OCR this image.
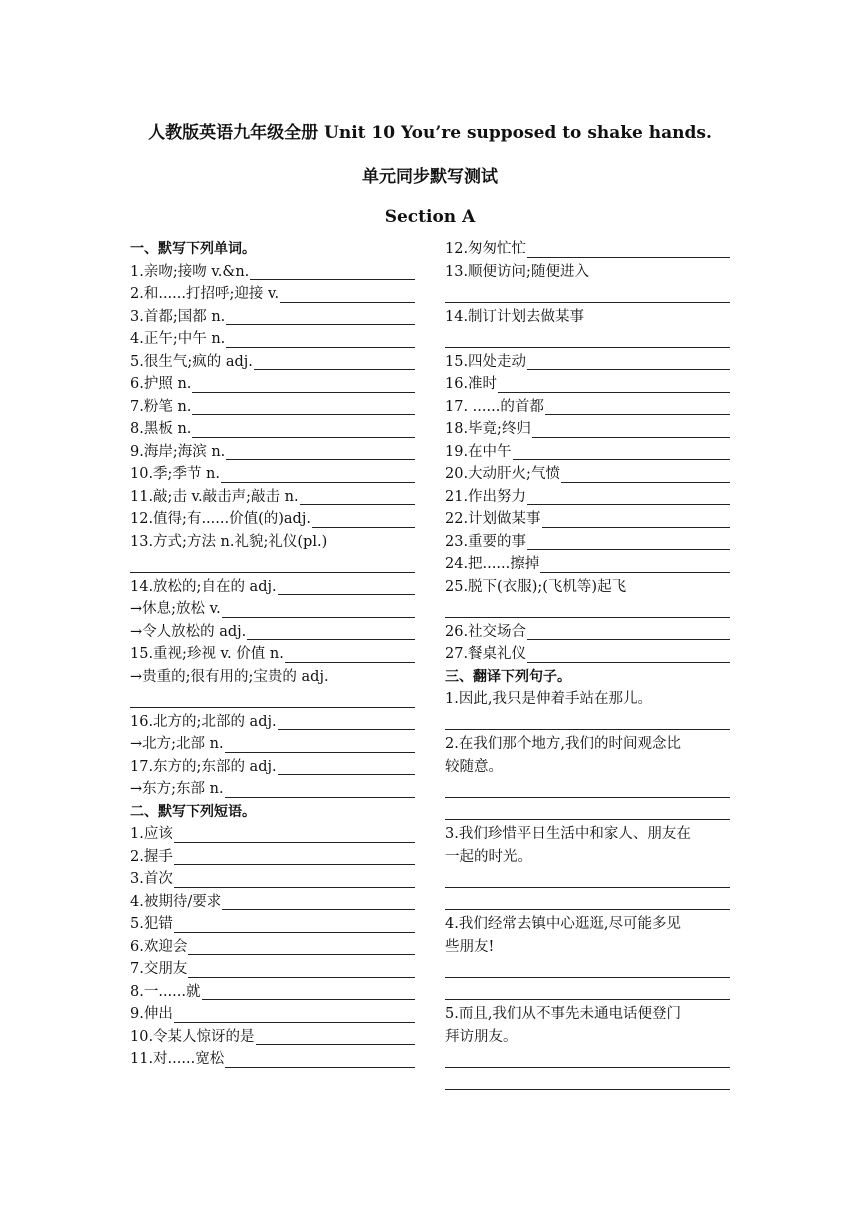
人教版英语九年级全册 Unit 10 You’re supposed to shake hands.
单元同步默写测试
Section A
一、默写下列单词。
1.亲吻;接吻 v.&n.
2.和......打招呼;迎接 v.
3.首都;国都 n.
4.正午;中午 n.
5.很生气;疯的 adj.
6.护照 n.
7.粉笔 n.
8.黑板 n.
9.海岸;海滨 n.
10.季;季节 n.
11.敲;击 v.敲击声;敲击 n.
12.值得;有......价值(的)adj.
13.方式;方法 n.礼貌;礼仪(pl.)
14.放松的;自在的 adj.
→休息;放松 v.
→令人放松的 adj.
15.重视;珍视 v. 价值 n.
→贵重的;很有用的;宝贵的 adj.
16.北方的;北部的 adj.
→北方;北部 n.
17.东方的;东部的 adj.
→东方;东部 n.
二、默写下列短语。
1.应该
2.握手
3.首次
4.被期待/要求
5.犯错
6.欢迎会
7.交朋友
8.一......就
9.伸出
10.令某人惊讶的是
11.对......宽松
12.匆匆忙忙
13.顺便访问;随便进入
14.制订计划去做某事
15.四处走动
16.准时
17. ......的首都
18.毕竟;终归
19.在中午
20.大动肝火;气愤
21.作出努力
22.计划做某事
23.重要的事
24.把......擦掉
25.脱下(衣服);(飞机等)起飞
26.社交场合
27.餐桌礼仪
三、翻译下列句子。
1.因此,我只是伸着手站在那儿。
2.在我们那个地方,我们的时间观念比
较随意。
3.我们珍惜平日生活中和家人、朋友在
一起的时光。
4.我们经常去镇中心逛逛,尽可能多见
些朋友!
5.而且,我们从不事先未通电话便登门
拜访朋友。
